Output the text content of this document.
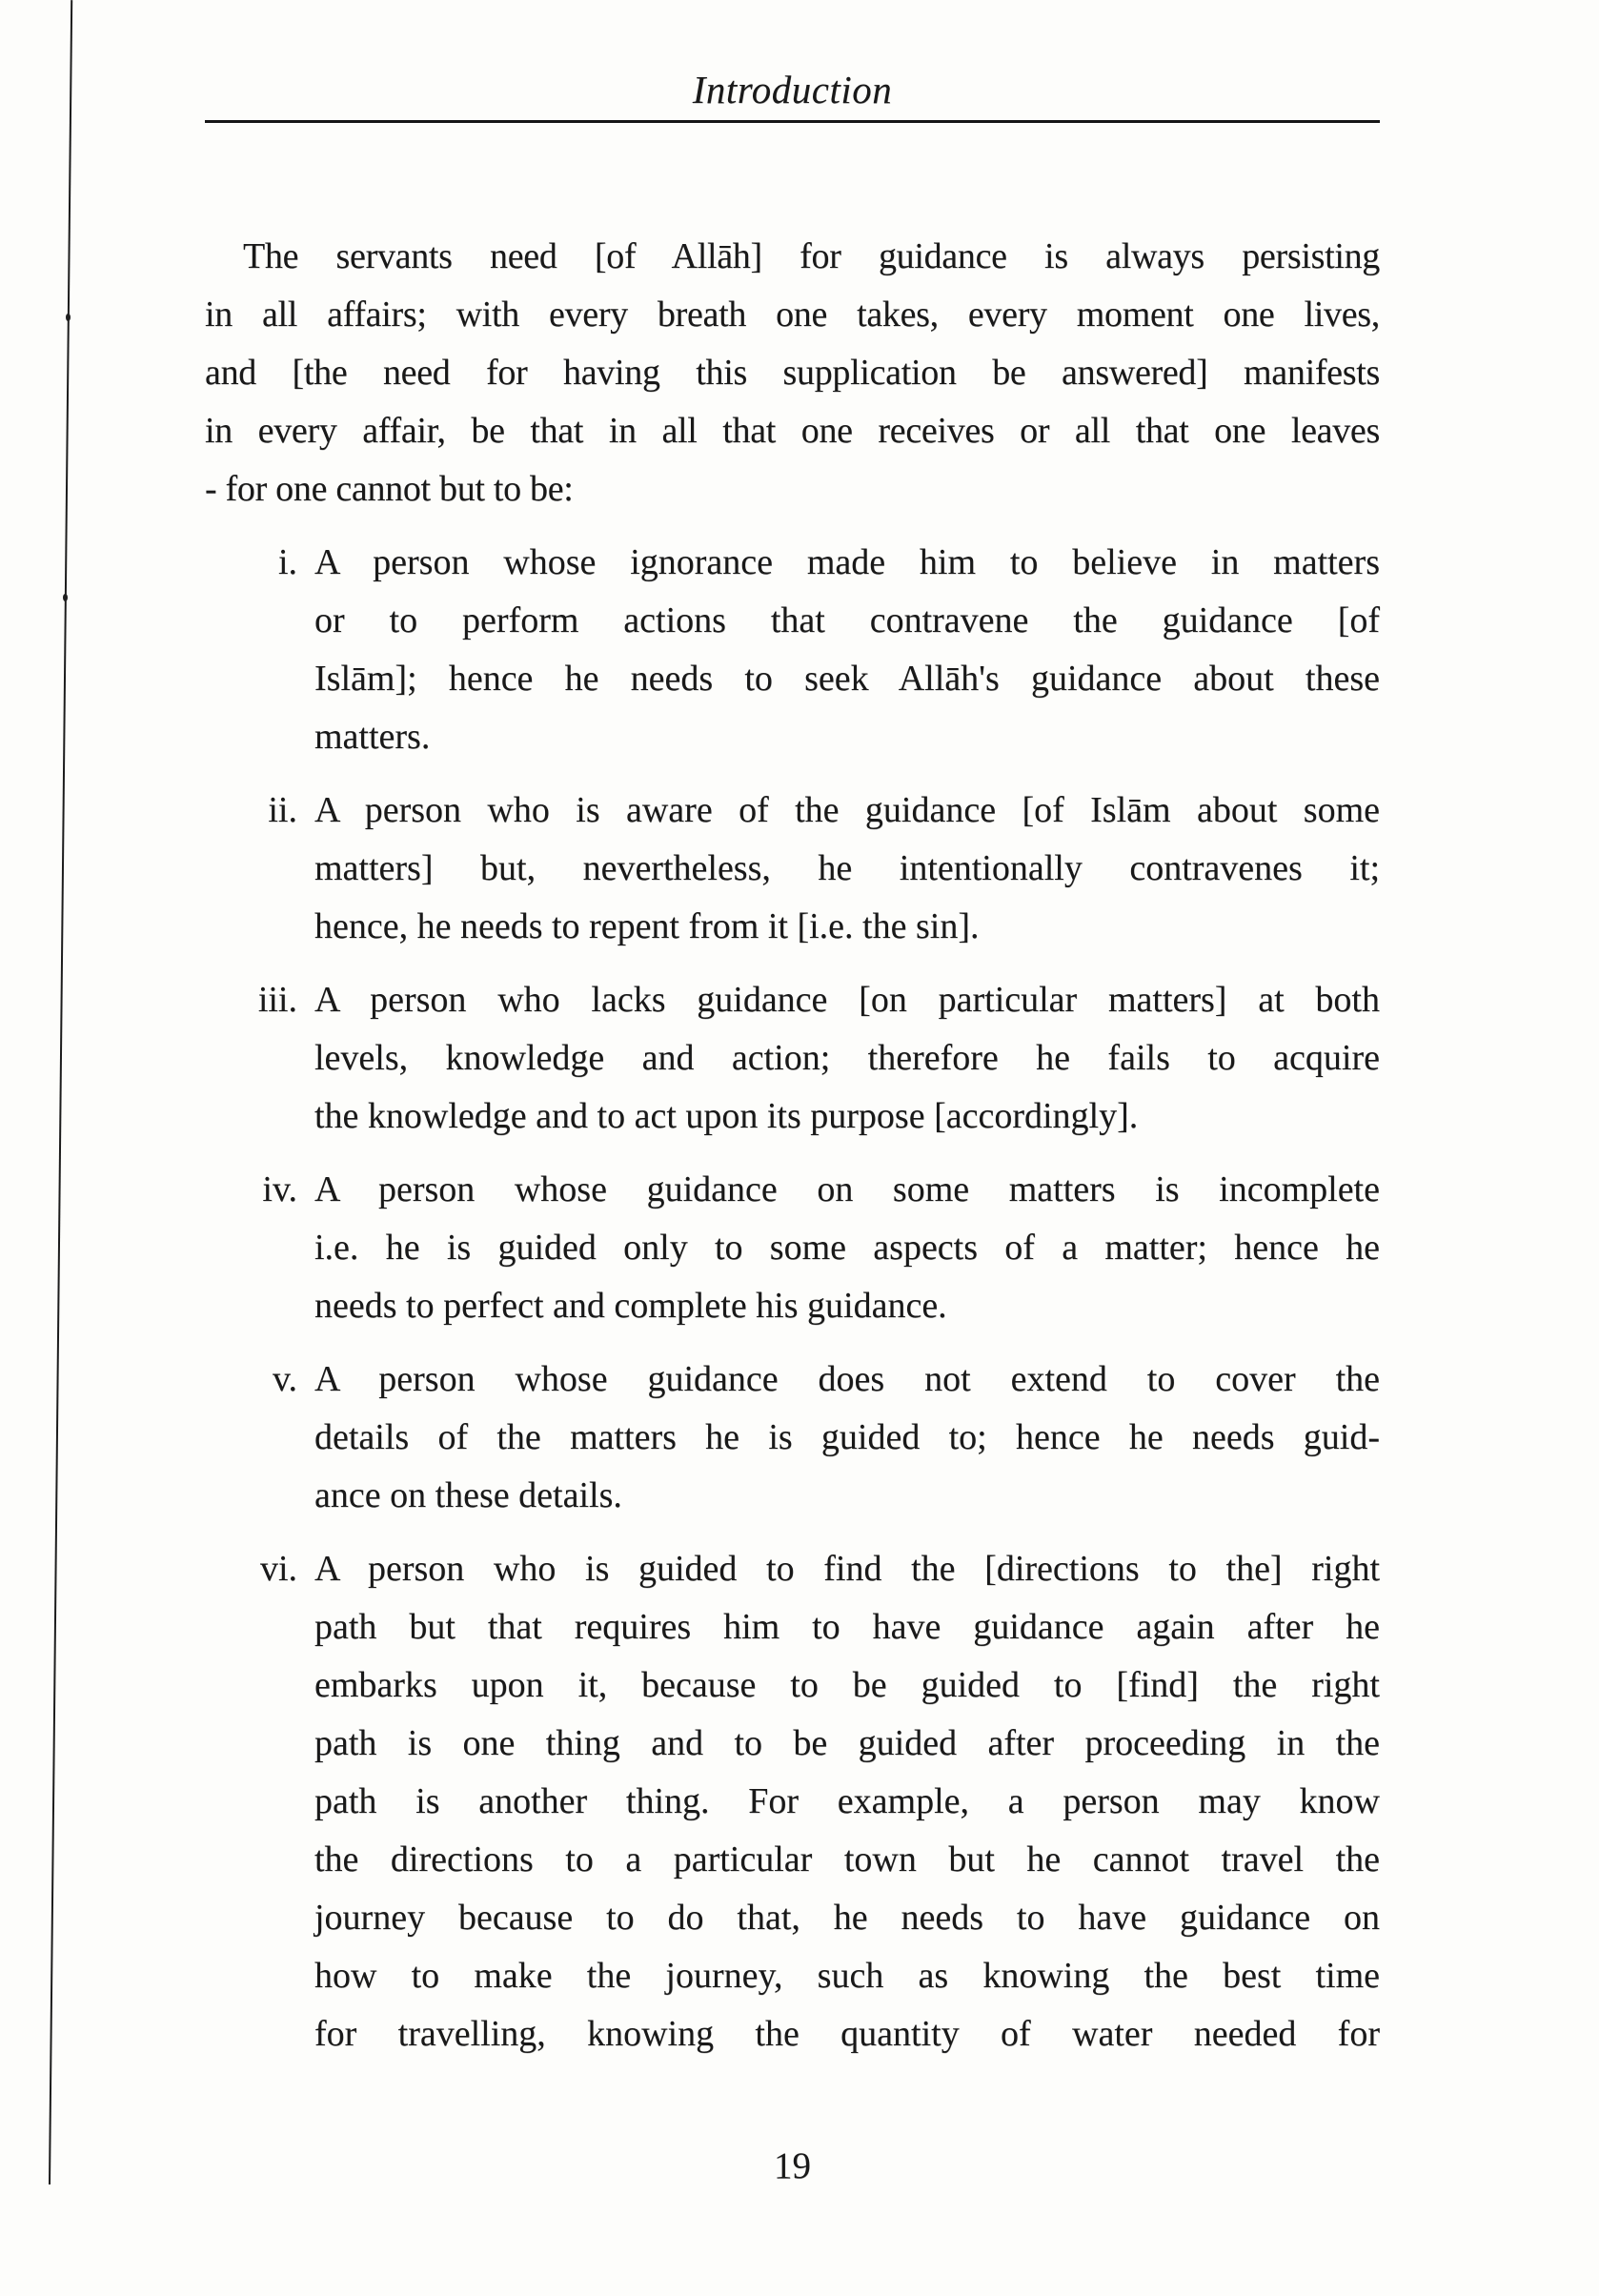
Introduction
The servants need [of Allāh] for guidance is always persisting
in all affairs; with every breath one takes, every moment one lives,
and [the need for having this supplication be answered] manifests
in every affair, be that in all that one receives or all that one leaves
- for one cannot but to be:
i. A person whose ignorance made him to believe in matters
or to perform actions that contravene the guidance [of
Islām]; hence he needs to seek Allāh's guidance about these
matters.
ii. A person who is aware of the guidance [of Islām about some
matters] but, nevertheless, he intentionally contravenes it;
hence, he needs to repent from it [i.e. the sin].
iii. A person who lacks guidance [on particular matters] at both
levels, knowledge and action; therefore he fails to acquire
the knowledge and to act upon its purpose [accordingly].
iv. A person whose guidance on some matters is incomplete
i.e. he is guided only to some aspects of a matter; hence he
needs to perfect and complete his guidance.
v. A person whose guidance does not extend to cover the
details of the matters he is guided to; hence he needs guid-
ance on these details.
vi. A person who is guided to find the [directions to the] right
path but that requires him to have guidance again after he
embarks upon it, because to be guided to [find] the right
path is one thing and to be guided after proceeding in the
path is another thing. For example, a person may know
the directions to a particular town but he cannot travel the
journey because to do that, he needs to have guidance on
how to make the journey, such as knowing the best time
for travelling, knowing the quantity of water needed for
19
